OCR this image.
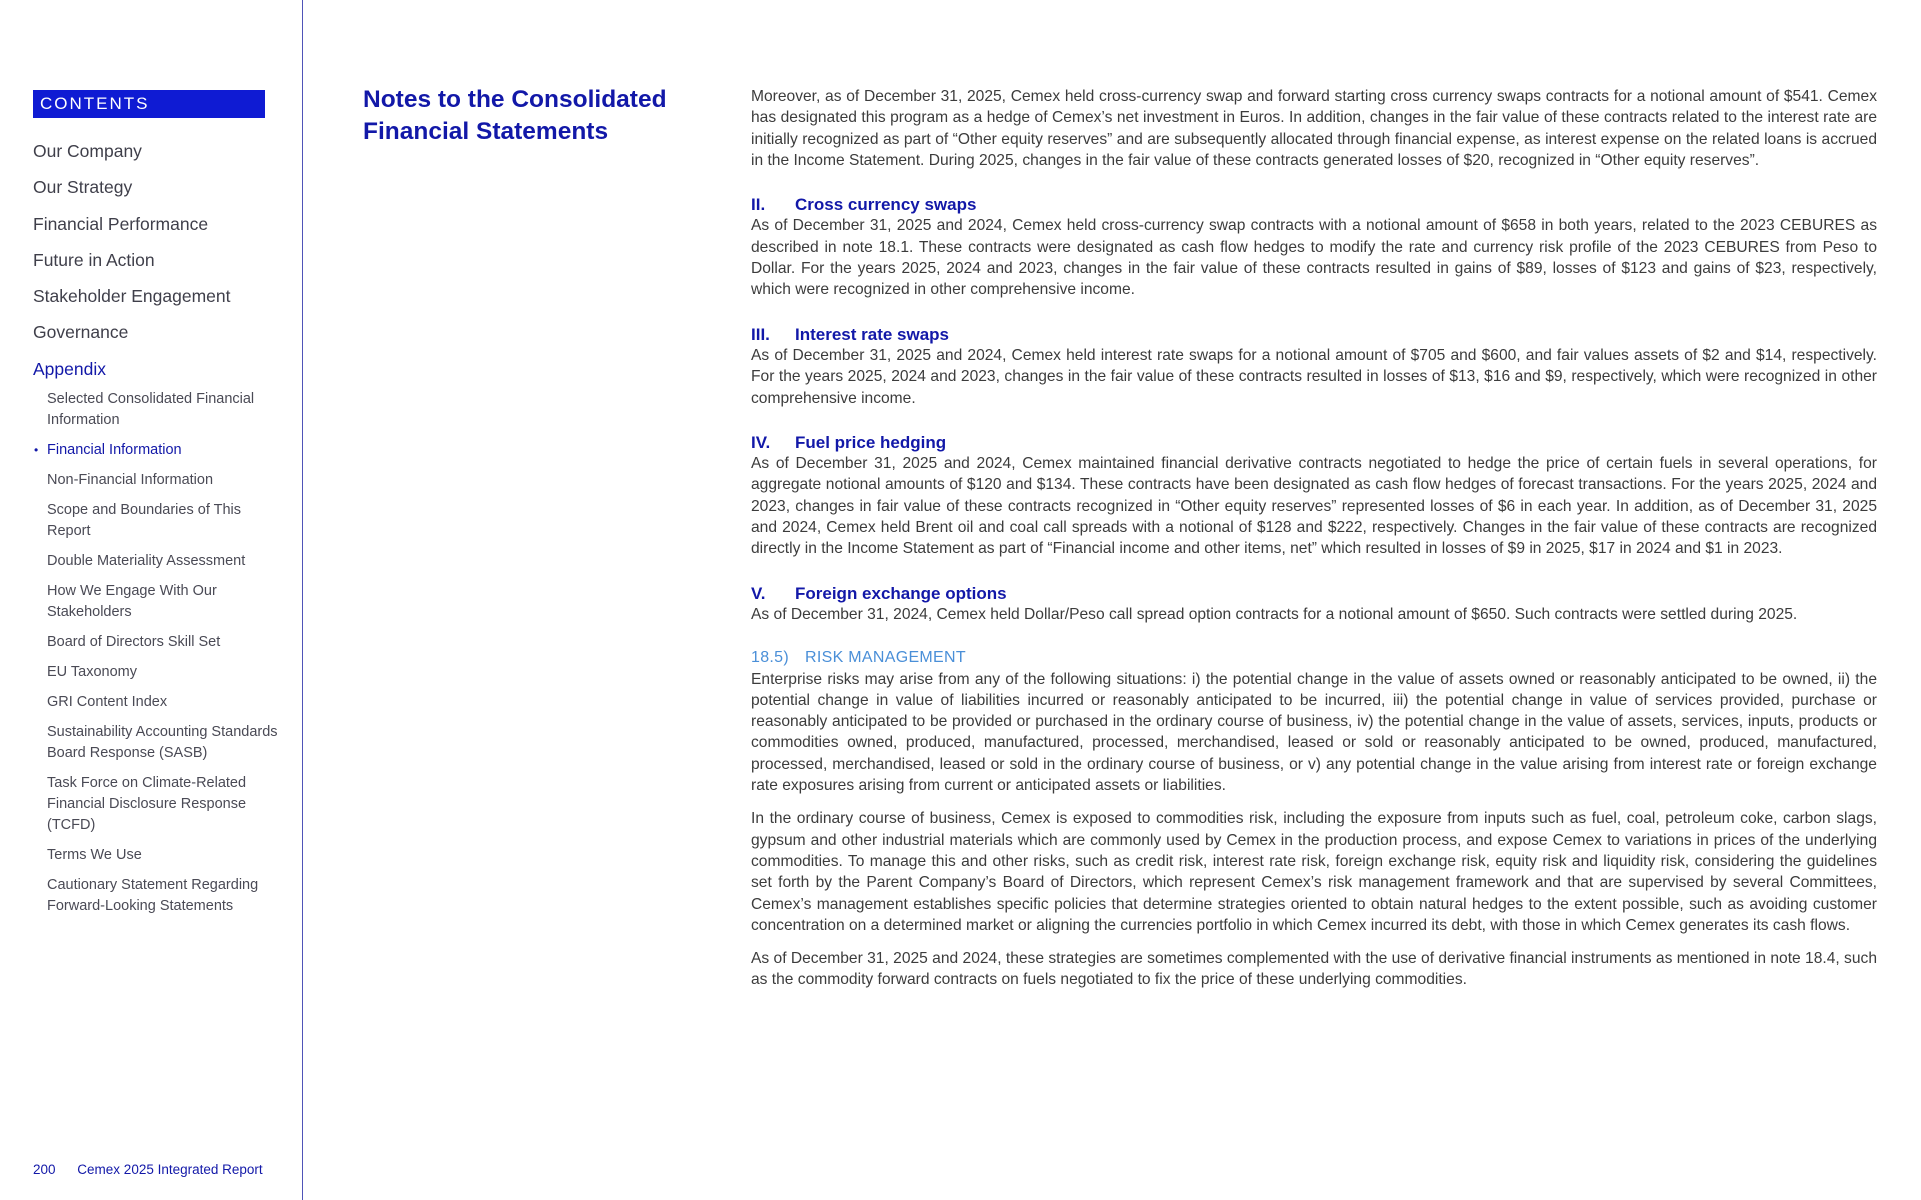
CONTENTS
Our Company
Our Strategy
Financial Performance
Future in Action
Stakeholder Engagement
Governance
Appendix
Selected Consolidated Financial Information
• Financial Information
Non-Financial Information
Scope and Boundaries of This Report
Double Materiality Assessment
How We Engage With Our Stakeholders
Board of Directors Skill Set
EU Taxonomy
GRI Content Index
Sustainability Accounting Standards Board Response (SASB)
Task Force on Climate-Related Financial Disclosure Response (TCFD)
Terms We Use
Cautionary Statement Regarding Forward-Looking Statements
200 Cemex 2025 Integrated Report
Notes to the Consolidated Financial Statements

Moreover, as of December 31, 2025, Cemex held cross-currency swap and forward starting cross currency swaps contracts for a notional amount of $541. Cemex has designated this program as a hedge of Cemex’s net investment in Euros. In addition, changes in the fair value of these contracts related to the interest rate are initially recognized as part of “Other equity reserves” and are subsequently allocated through financial expense, as interest expense on the related loans is accrued in the Income Statement. During 2025, changes in the fair value of these contracts generated losses of $20, recognized in “Other equity reserves”.

II. Cross currency swaps

As of December 31, 2025 and 2024, Cemex held cross-currency swap contracts with a notional amount of $658 in both years, related to the 2023 CEBURES as described in note 18.1. These contracts were designated as cash flow hedges to modify the rate and currency risk profile of the 2023 CEBURES from Peso to Dollar. For the years 2025, 2024 and 2023, changes in the fair value of these contracts resulted in gains of $89, losses of $123 and gains of $23, respectively, which were recognized in other comprehensive income.

III. Interest rate swaps

As of December 31, 2025 and 2024, Cemex held interest rate swaps for a notional amount of $705 and $600, and fair values assets of $2 and $14, respectively. For the years 2025, 2024 and 2023, changes in the fair value of these contracts resulted in losses of $13, $16 and $9, respectively, which were recognized in other comprehensive income.

IV. Fuel price hedging

As of December 31, 2025 and 2024, Cemex maintained financial derivative contracts negotiated to hedge the price of certain fuels in several operations, for aggregate notional amounts of $120 and $134. These contracts have been designated as cash flow hedges of forecast transactions. For the years 2025, 2024 and 2023, changes in fair value of these contracts recognized in “Other equity reserves” represented losses of $6 in each year. In addition, as of December 31, 2025 and 2024, Cemex held Brent oil and coal call spreads with a notional of $128 and $222, respectively. Changes in the fair value of these contracts are recognized directly in the Income Statement as part of “Financial income and other items, net” which resulted in losses of $9 in 2025, $17 in 2024 and $1 in 2023.

V. Foreign exchange options

As of December 31, 2024, Cemex held Dollar/Peso call spread option contracts for a notional amount of $650. Such contracts were settled during 2025.

18.5) RISK MANAGEMENT

Enterprise risks may arise from any of the following situations: i) the potential change in the value of assets owned or reasonably anticipated to be owned, ii) the potential change in value of liabilities incurred or reasonably anticipated to be incurred, iii) the potential change in value of services provided, purchase or reasonably anticipated to be provided or purchased in the ordinary course of business, iv) the potential change in the value of assets, services, inputs, products or commodities owned, produced, manufactured, processed, merchandised, leased or sold or reasonably anticipated to be owned, produced, manufactured, processed, merchandised, leased or sold in the ordinary course of business, or v) any potential change in the value arising from interest rate or foreign exchange rate exposures arising from current or anticipated assets or liabilities.

In the ordinary course of business, Cemex is exposed to commodities risk, including the exposure from inputs such as fuel, coal, petroleum coke, carbon slags, gypsum and other industrial materials which are commonly used by Cemex in the production process, and expose Cemex to variations in prices of the underlying commodities. To manage this and other risks, such as credit risk, interest rate risk, foreign exchange risk, equity risk and liquidity risk, considering the guidelines set forth by the Parent Company’s Board of Directors, which represent Cemex’s risk management framework and that are supervised by several Committees, Cemex’s management establishes specific policies that determine strategies oriented to obtain natural hedges to the extent possible, such as avoiding customer concentration on a determined market or aligning the currencies portfolio in which Cemex incurred its debt, with those in which Cemex generates its cash flows.

As of December 31, 2025 and 2024, these strategies are sometimes complemented with the use of derivative financial instruments as mentioned in note 18.4, such as the commodity forward contracts on fuels negotiated to fix the price of these underlying commodities.
